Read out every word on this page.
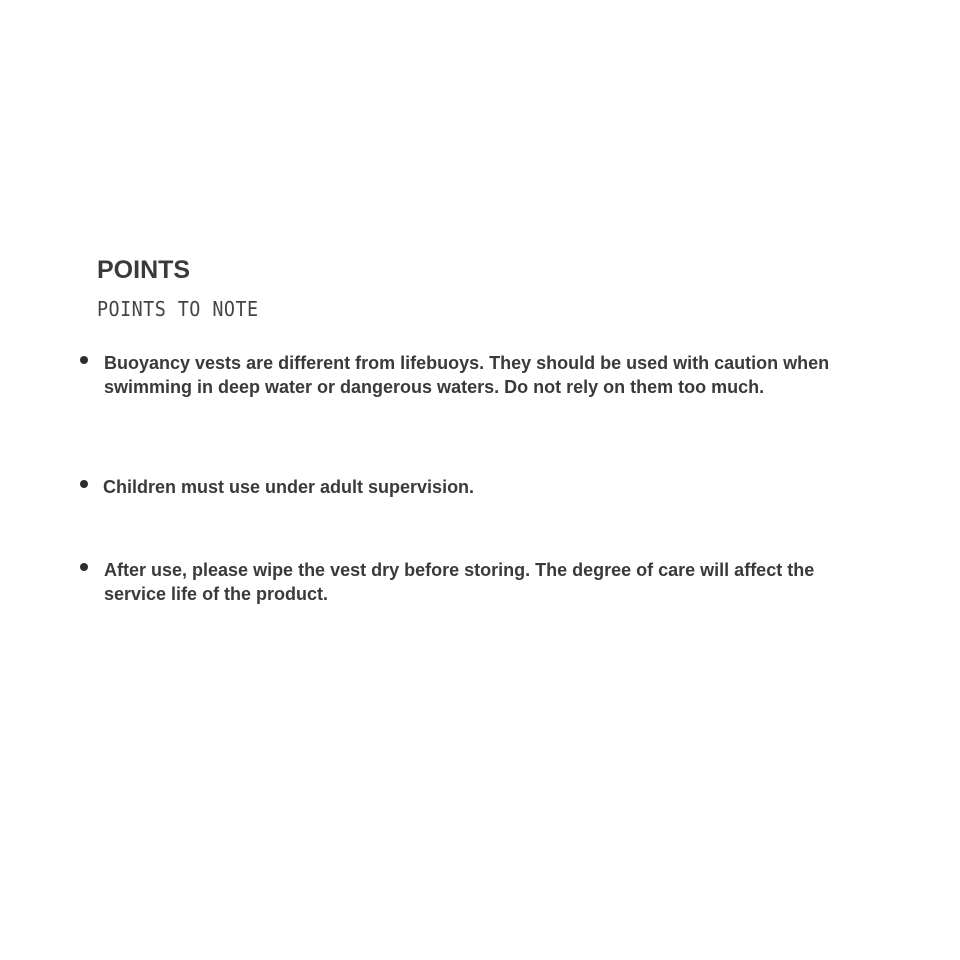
POINTS
POINTS TO NOTE
Buoyancy vests are different from lifebuoys. They should be used with caution when swimming in deep water or dangerous waters. Do not rely on them too much.
Children must use under adult supervision.
After use, please wipe the vest dry before storing. The degree of care will affect the service life of the product.
